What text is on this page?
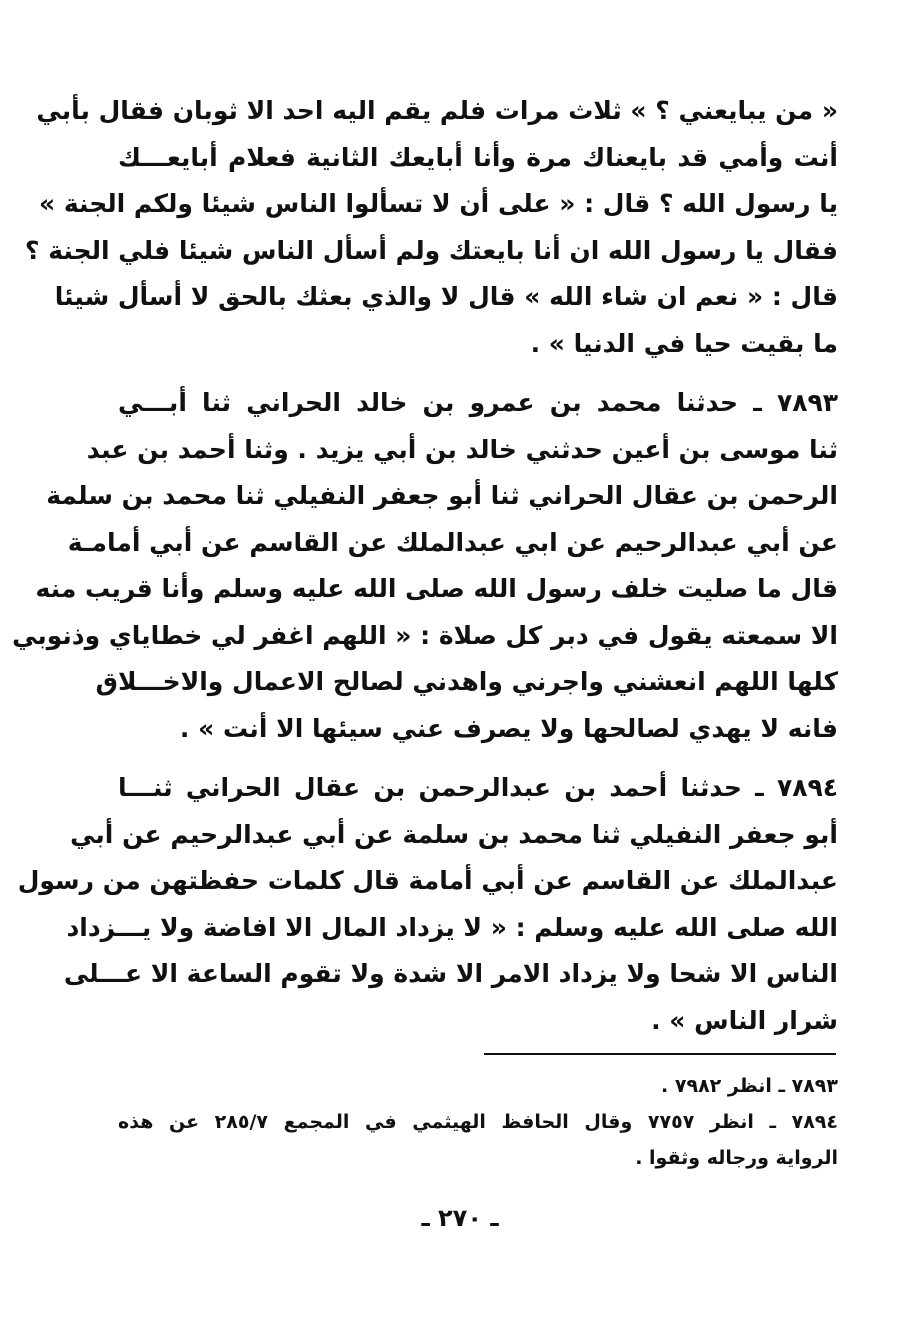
« من يبايعني ؟ » ثلاث مرات فلم يقم اليه احد الا ثوبان فقال بأبي
أنت وأمي قد بايعناك مرة وأنا أبايعك الثانية فعلام أبايعـــك
يا رسول الله ؟ قال : « على أن لا تسألوا الناس شيئا ولكم الجنة »
فقال يا رسول الله ان أنا بايعتك ولم أسأل الناس شيئا فلي الجنة ؟
قال : « نعم ان شاء الله » قال لا والذي بعثك بالحق لا أسأل شيئا
ما بقيت حيا في الدنيا » .
٧٨٩٣ ـ حدثنا محمد بن عمرو بن خالد الحراني ثنا أبـــي
ثنا موسى بن أعين حدثني خالد بن أبي يزيد . وثنا أحمد بن عبد
الرحمن بن عقال الحراني ثنا أبو جعفر النفيلي ثنا محمد بن سلمة
عن أبي عبدالرحيم عن ابي عبدالملك عن القاسم عن أبي أمامـة
قال ما صليت خلف رسول الله صلى الله عليه وسلم وأنا قريب منه
الا سمعته يقول في دبر كل صلاة : « اللهم اغفر لي خطاياي وذنوبي
كلها اللهم انعشني واجرني واهدني لصالح الاعمال والاخـــلاق
فانه لا يهدي لصالحها ولا يصرف عني سيئها الا أنت » .
٧٨٩٤ ـ حدثنا أحمد بن عبدالرحمن بن عقال الحراني ثنـــا
أبو جعفر النفيلي ثنا محمد بن سلمة عن أبي عبدالرحيم عن أبي
عبدالملك عن القاسم عن أبي أمامة قال كلمات حفظتهن من رسول
الله صلى الله عليه وسلم : « لا يزداد المال الا افاضة ولا يـــزداد
الناس الا شحا ولا يزداد الامر الا شدة ولا تقوم الساعة الا عـــلى
شرار الناس » .
٧٨٩٣ ـ انظر ٧٩٨٢ .
٧٨٩٤ ـ انظر ٧٧٥٧ وقال الحافظ الهيثمي في المجمع ٢٨٥/٧ عن هذه
الرواية ورجاله وثقوا .
ـ ٢٧٠ ـ
